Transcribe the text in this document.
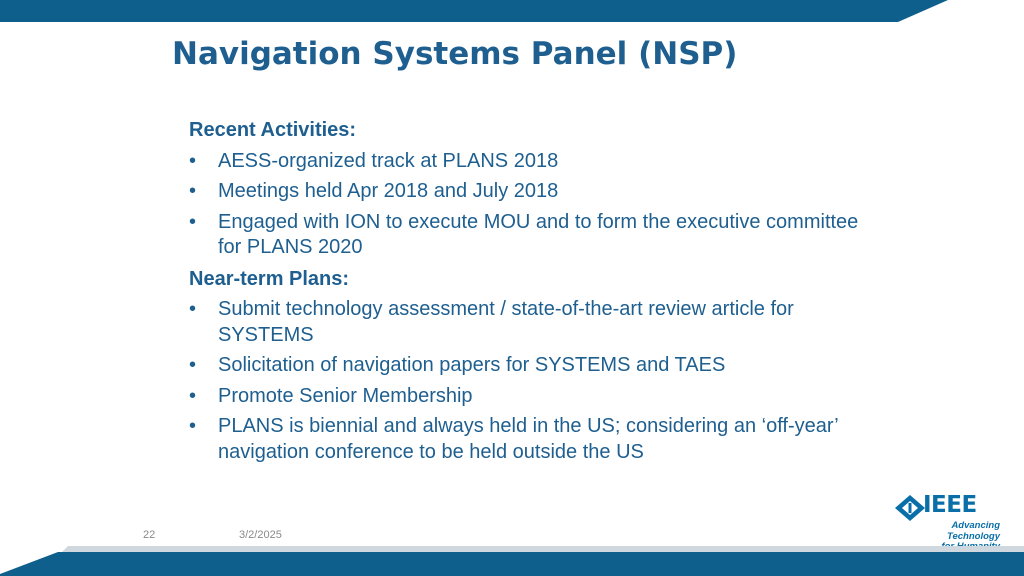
Navigation Systems Panel (NSP)
Recent Activities:
• AESS-organized track at PLANS 2018
• Meetings held Apr 2018 and July 2018
• Engaged with ION to execute MOU and to form the executive committee for PLANS 2020
Near-term Plans:
• Submit technology assessment / state-of-the-art review article for SYSTEMS
• Solicitation of navigation papers for SYSTEMS and TAES
• Promote Senior Membership
• PLANS is biennial and always held in the US; considering an ‘off-year’ navigation conference to be held outside the US
22	3/2/2025
IEEE
Advancing Technology
